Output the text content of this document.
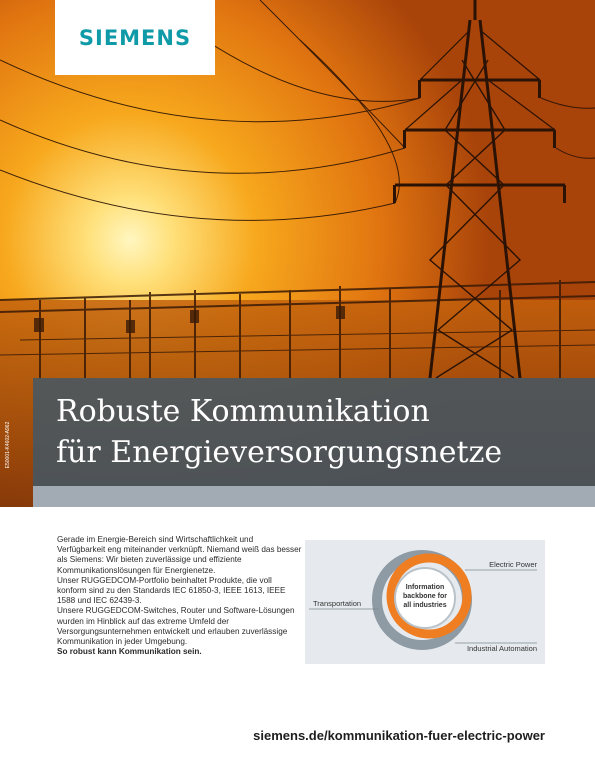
SIEMENS
E50001-K4602-A962
Robuste Kommunikation
für Energieversorgungsnetze

Gerade im Energie-Bereich sind Wirtschaftlichkeit und Verfügbarkeit eng miteinander verknüpft. Niemand weiß das besser als Siemens: Wir bieten zuverlässige und effiziente Kommunikationslösungen für Energienetze.

Unser RUGGEDCOM-Portfolio beinhaltet Produkte, die voll konform sind zu den Standards IEC 61850-3, IEEE 1613, IEEE 1588 und IEC 62439-3.

Unsere RUGGEDCOM-Switches, Router und Software-Lösungen wurden im Hinblick auf das extreme Umfeld der Versorgungsunternehmen entwickelt und erlauben zuverlässige Kommunikation in jeder Umgebung.

So robust kann Kommunikation sein.

Information
backbone for
all industries
Electric Power
Transportation
Industrial Automation
siemens.de/kommunikation-fuer-electric-power
